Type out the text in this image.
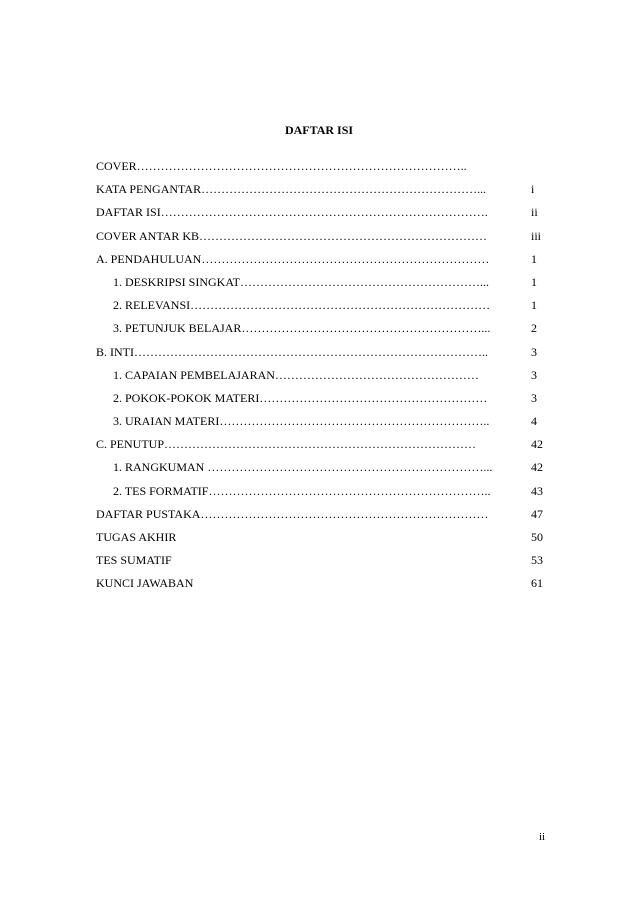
DAFTAR ISI
COVER………………………………………………………………………..
KATA PENGANTAR……………………………………………………………...	i
DAFTAR ISI……………………………………………………………………….	ii
COVER ANTAR KB………………………………………………………………	iii
A. PENDAHULUAN………………………………………………………………	1
1. DESKRIPSI SINGKAT……………………………………………………...	1
2. RELEVANSI…………………………………………………………………	1
3. PETUNJUK BELAJAR……………………………………………………...	2
B. INTI……………………………………………………………………………..	3
1. CAPAIAN PEMBELAJARAN……………………………………………	3
2. POKOK-POKOK MATERI…………………………………………………	3
3. URAIAN MATERI…………………………………………………………..	4
C. PENUTUP……………………………………………………………………	42
1. RANGKUMAN ……………………………………………………………...	42
2. TES FORMATIF……………………………………………………………..	43
DAFTAR PUSTAKA………………………………………………………………	47
TUGAS AKHIR	50
TES SUMATIF	53
KUNCI JAWABAN	61
ii
